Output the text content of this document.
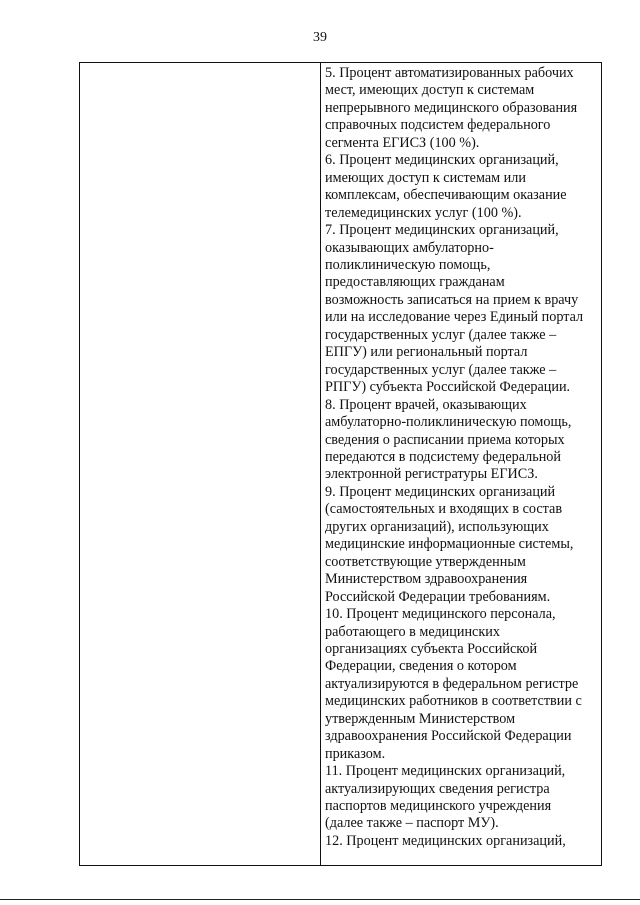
39
5. Процент автоматизированных рабочих
мест, имеющих доступ к системам
непрерывного медицинского образования
справочных подсистем федерального
сегмента ЕГИСЗ (100 %).
6. Процент медицинских организаций,
имеющих доступ к системам или
комплексам, обеспечивающим оказание
телемедицинских услуг (100 %).
7. Процент медицинских организаций,
оказывающих амбулаторно-
поликлиническую помощь,
предоставляющих гражданам
возможность записаться на прием к врачу
или на исследование через Единый портал
государственных услуг (далее также –
ЕПГУ) или региональный портал
государственных услуг (далее также –
РПГУ) субъекта Российской Федерации.
8. Процент врачей, оказывающих
амбулаторно-поликлиническую помощь,
сведения о расписании приема которых
передаются в подсистему федеральной
электронной регистратуры ЕГИСЗ.
9. Процент медицинских организаций
(самостоятельных и входящих в состав
других организаций), использующих
медицинские информационные системы,
соответствующие утвержденным
Министерством здравоохранения
Российской Федерации требованиям.
10. Процент медицинского персонала,
работающего в медицинских
организациях субъекта Российской
Федерации, сведения о котором
актуализируются в федеральном регистре
медицинских работников в соответствии с
утвержденным Министерством
здравоохранения Российской Федерации
приказом.
11. Процент медицинских организаций,
актуализирующих сведения регистра
паспортов медицинского учреждения
(далее также – паспорт МУ).
12. Процент медицинских организаций,
